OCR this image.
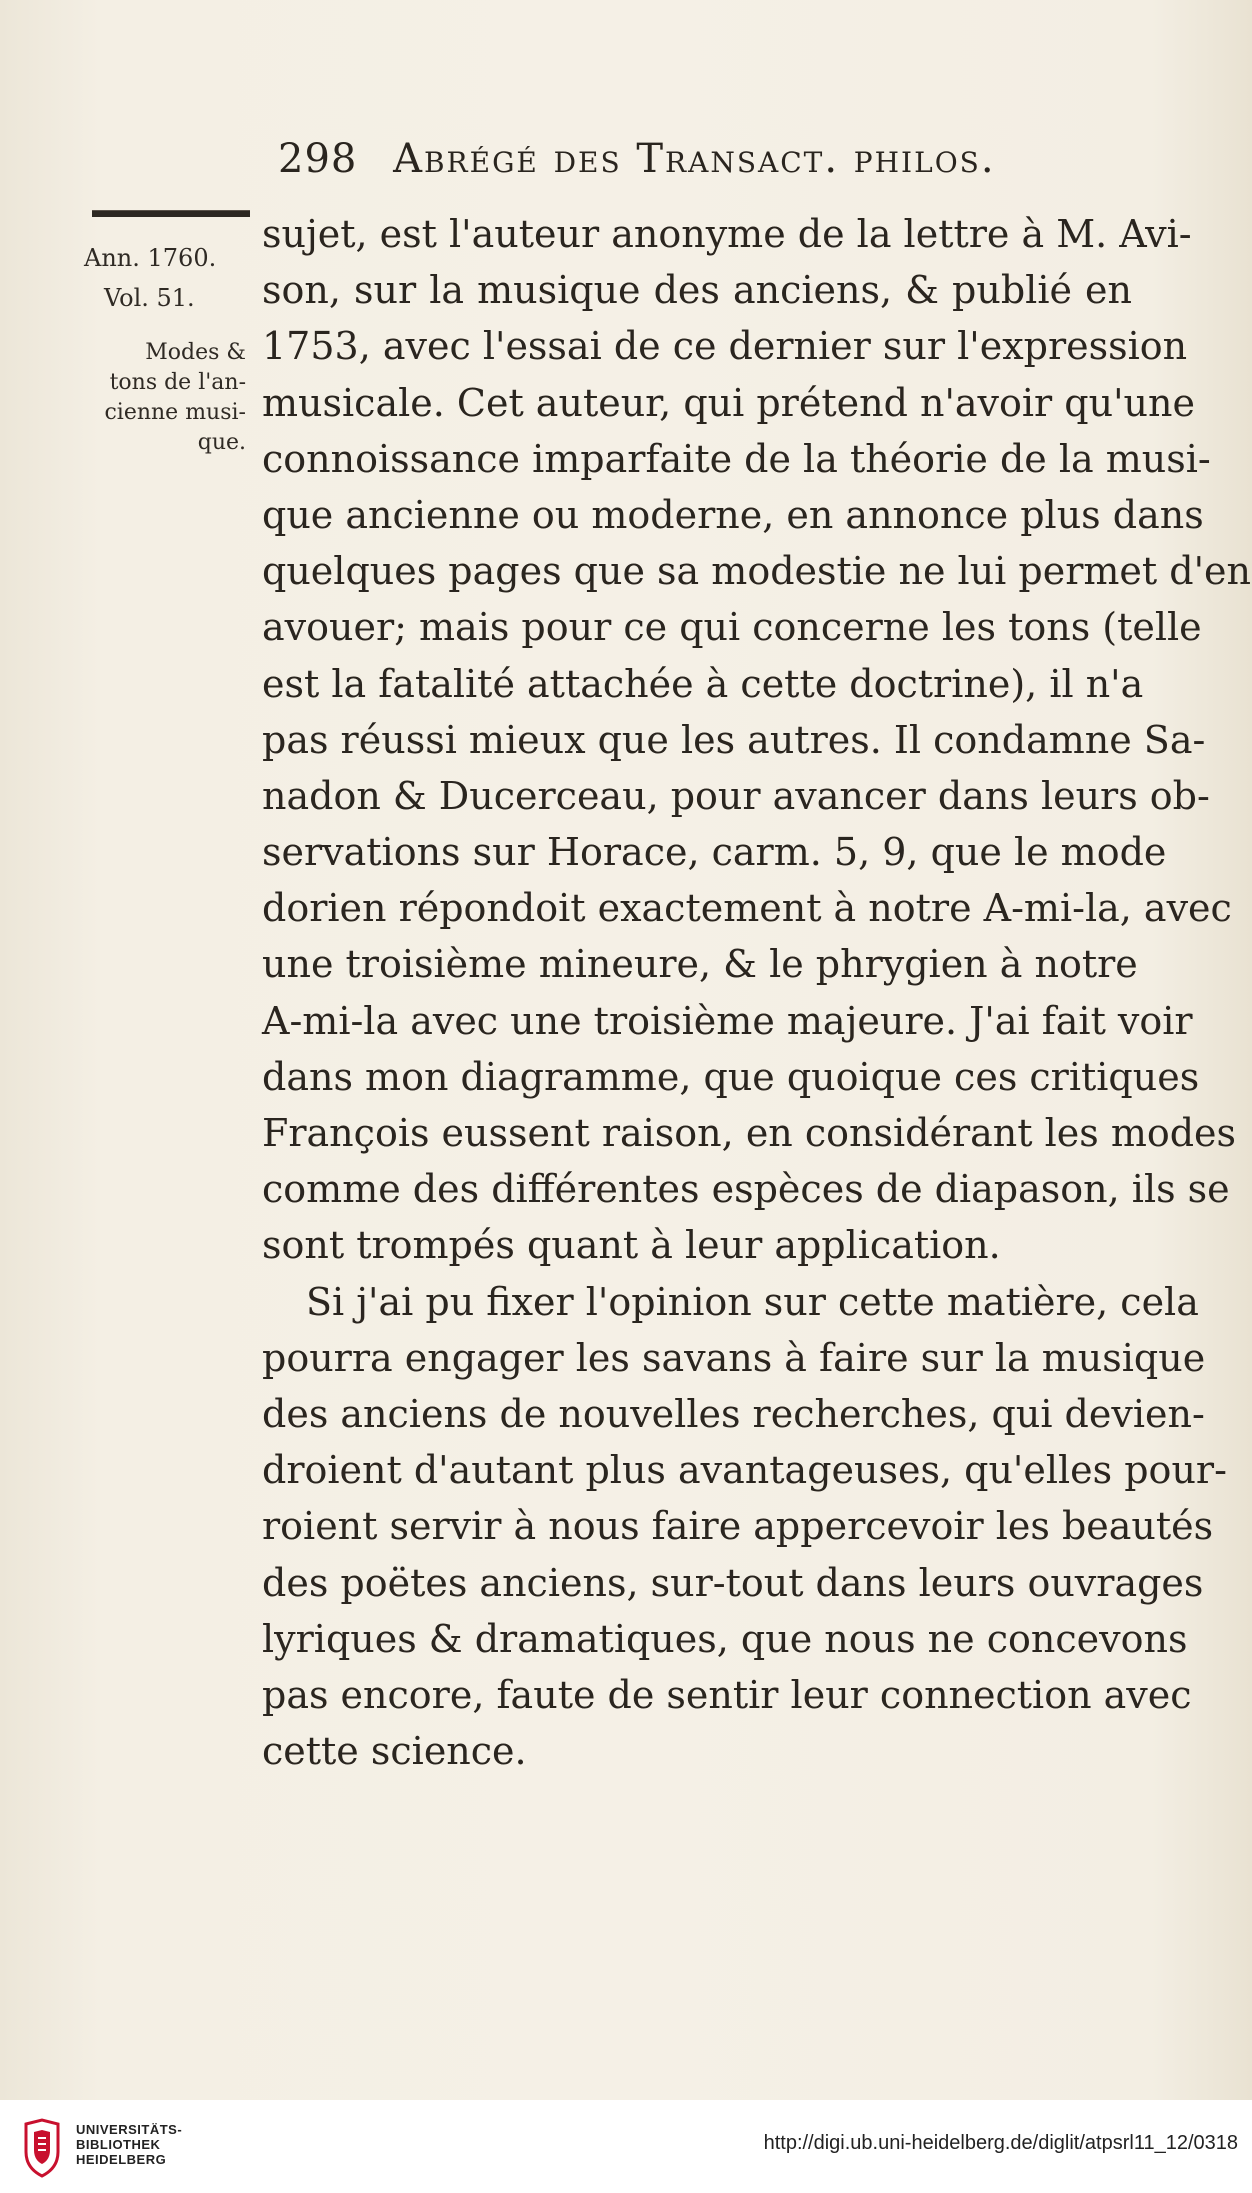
298 Abrégé des Transact. philos.
Ann. 1760.
Vol. 51.
Modes &
tons de l'an-
cienne musi-
que.
sujet, est l'auteur anonyme de la lettre à M. Avi-
son, sur la musique des anciens, & publié en
1753, avec l'essai de ce dernier sur l'expression
musicale. Cet auteur, qui prétend n'avoir qu'une
connoissance imparfaite de la théorie de la musi-
que ancienne ou moderne, en annonce plus dans
quelques pages que sa modestie ne lui permet d'en
avouer; mais pour ce qui concerne les tons (telle
est la fatalité attachée à cette doctrine), il n'a
pas réussi mieux que les autres. Il condamne Sa-
nadon & Ducerceau, pour avancer dans leurs ob-
servations sur Horace, carm. 5, 9, que le mode
dorien répondoit exactement à notre A-mi-la, avec
une troisième mineure, & le phrygien à notre
A-mi-la avec une troisième majeure. J'ai fait voir
dans mon diagramme, que quoique ces critiques
François eussent raison, en considérant les modes
comme des différentes espèces de diapason, ils se
sont trompés quant à leur application.
Si j'ai pu fixer l'opinion sur cette matière, cela
pourra engager les savans à faire sur la musique
des anciens de nouvelles recherches, qui devien-
droient d'autant plus avantageuses, qu'elles pour-
roient servir à nous faire appercevoir les beautés
des poëtes anciens, sur-tout dans leurs ouvrages
lyriques & dramatiques, que nous ne concevons
pas encore, faute de sentir leur connection avec
cette science.
UNIVERSITÄTS-
BIBLIOTHEK
HEIDELBERG
http://digi.ub.uni-heidelberg.de/diglit/atpsrl11_12/0318
